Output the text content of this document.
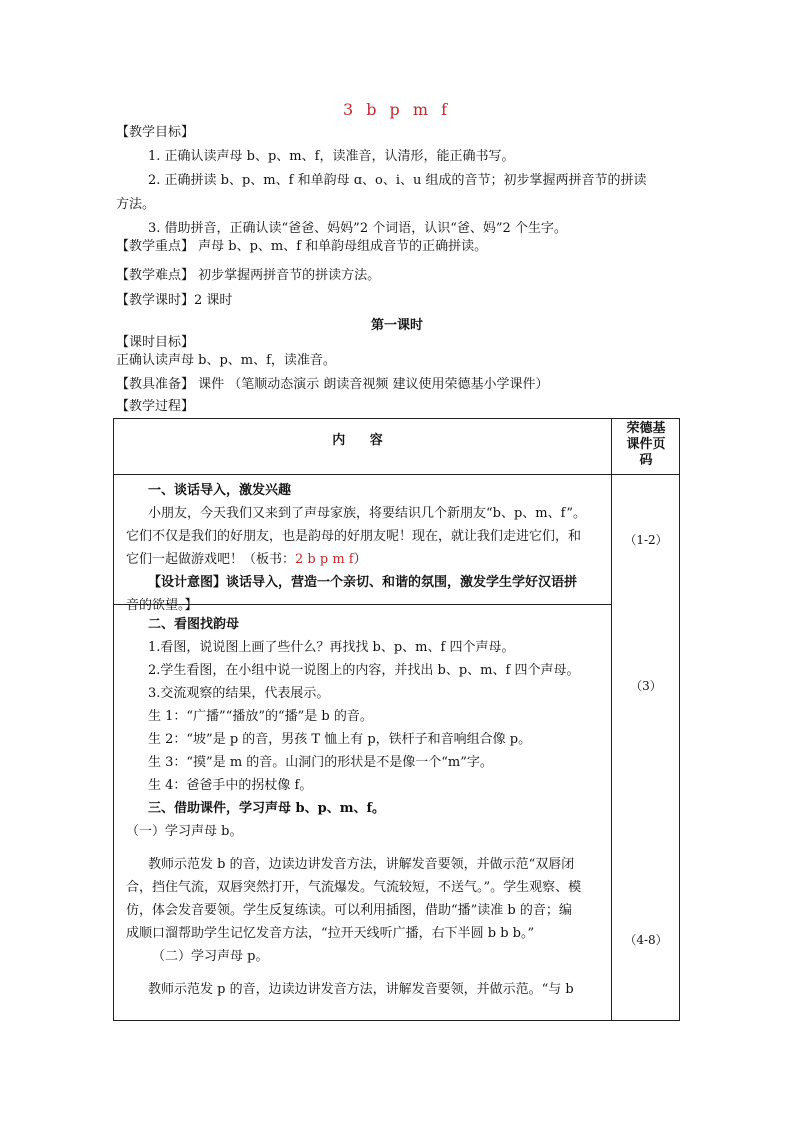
3 b p m f
【教学目标】
1. 正确认读声母 b、p、m、f，读准音，认清形，能正确书写。
2. 正确拼读 b、p、m、f 和单韵母 ɑ、o、i、u 组成的音节；初步掌握两拼音节的拼读
方法。
3. 借助拼音，正确认读“爸爸、妈妈”2 个词语，认识“爸、妈”2 个生字。
【教学重点】 声母 b、p、m、f 和单韵母组成音节的正确拼读。
【教学难点】 初步掌握两拼音节的拼读方法。
【教学课时】2 课时
第一课时
【课时目标】
正确认读声母 b、p、m、f，读准音。
【教具准备】 课件 （笔顺动态演示 朗读音视频 建议使用荣德基小学课件）
【教学过程】
内 容
荣德基
课件页
码

一、谈话导入，激发兴趣

小朋友，今天我们又来到了声母家族，将要结识几个新朋友“b、p、m、f”。

它们不仅是我们的好朋友，也是韵母的好朋友呢！现在，就让我们走进它们，和

它们一起做游戏吧！（板书：2 b p m f）

【设计意图】谈话导入，营造一个亲切、和谐的氛围，激发学生学好汉语拼

音的欲望。】

（1-2）

二、看图找韵母

1.看图，说说图上画了些什么？再找找 b、p、m、f 四个声母。

2.学生看图，在小组中说一说图上的内容，并找出 b、p、m、f 四个声母。

3.交流观察的结果，代表展示。

生 1：“广播”“播放”的“播”是 b 的音。

生 2：“坡”是 p 的音，男孩 T 恤上有 p，铁杆子和音响组合像 p。

生 3：“摸”是 m 的音。山洞门的形状是不是像一个“m”字。

生 4：爸爸手中的拐杖像 f。

（3）

三、借助课件，学习声母 b、p、m、f。

（一）学习声母 b。

教师示范发 b 的音，边读边讲发音方法，讲解发音要领，并做示范“双唇闭

合，挡住气流，双唇突然打开，气流爆发。气流较短，不送气。”。学生观察、模

仿，体会发音要领。学生反复练读。可以利用插图，借助“播”读准 b 的音；编

成顺口溜帮助学生记忆发音方法，“拉开天线听广播，右下半圆 b b b。”

（二）学习声母 p。

教师示范发 p 的音，边读边讲发音方法，讲解发音要领，并做示范。“与 b

（4-8）
